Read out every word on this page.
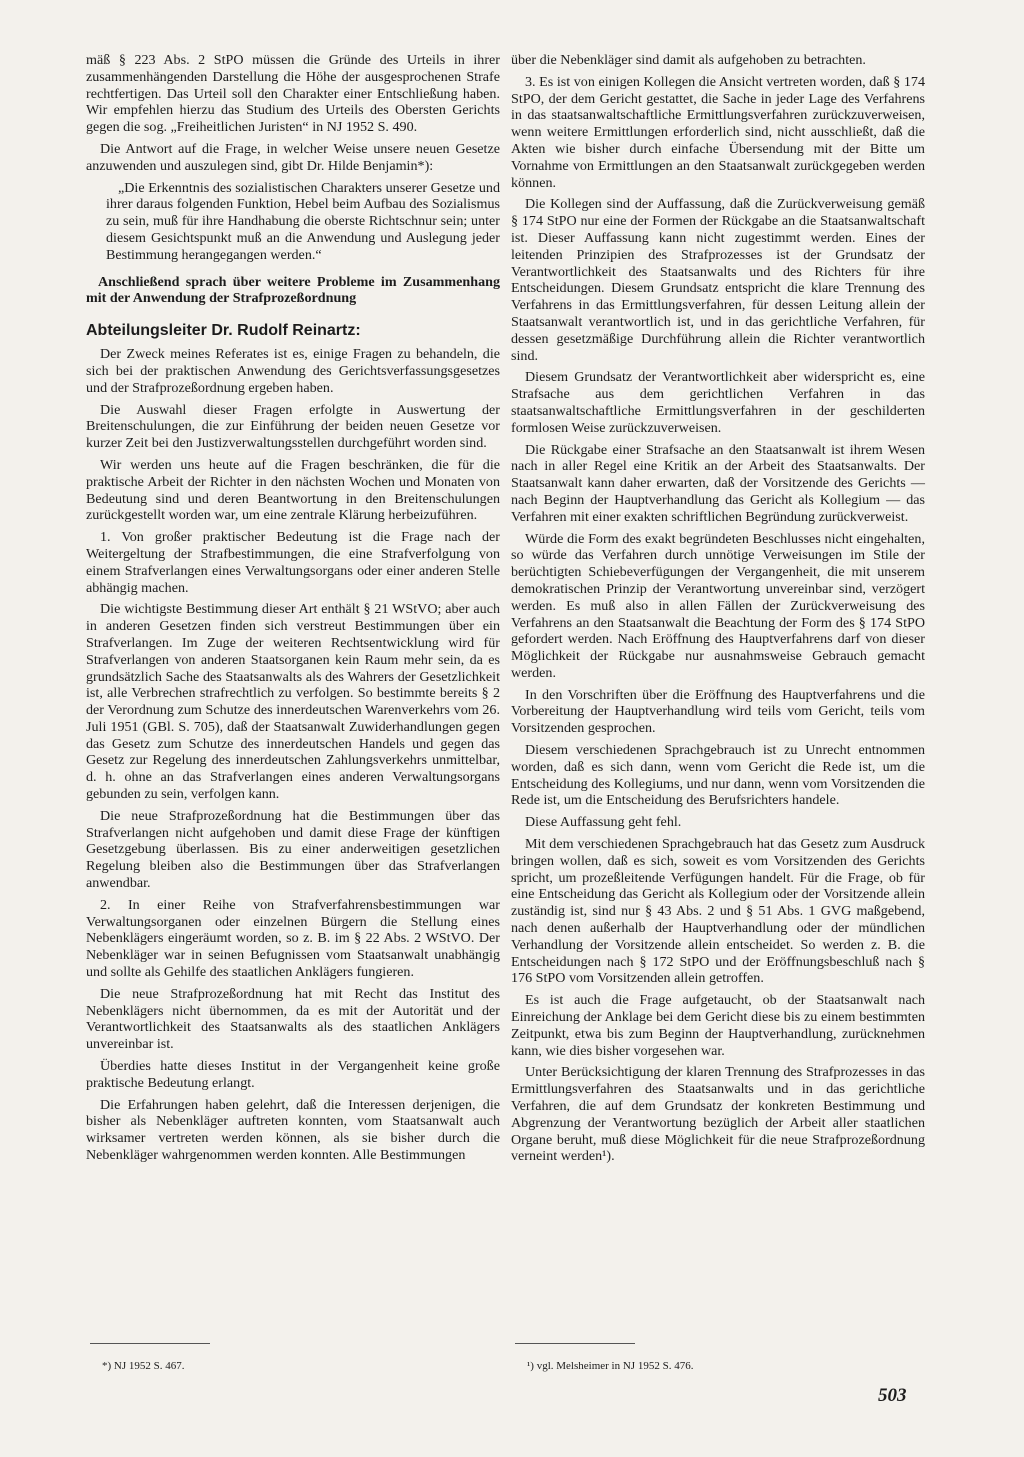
mäß § 223 Abs. 2 StPO müssen die Gründe des Urteils in ihrer zusammenhängenden Darstellung die Höhe der ausgesprochenen Strafe rechtfertigen. Das Urteil soll den Charakter einer Entschließung haben. Wir empfehlen hierzu das Studium des Urteils des Obersten Gerichts gegen die sog. „Freiheitlichen Juristen“ in NJ 1952 S. 490.

Die Antwort auf die Frage, in welcher Weise unsere neuen Gesetze anzuwenden und auszulegen sind, gibt Dr. Hilde Benjamin*):

„Die Erkenntnis des sozialistischen Charakters unserer Gesetze und ihrer daraus folgenden Funktion, Hebel beim Aufbau des Sozialismus zu sein, muß für ihre Handhabung die oberste Richtschnur sein; unter diesem Gesichtspunkt muß an die Anwendung und Auslegung jeder Bestimmung herangegangen werden.“

Anschließend sprach über weitere Probleme im Zusammenhang mit der Anwendung der Strafprozeßordnung

Abteilungsleiter Dr. Rudolf Reinartz:

Der Zweck meines Referates ist es, einige Fragen zu behandeln, die sich bei der praktischen Anwendung des Gerichtsverfassungsgesetzes und der Strafprozeßordnung ergeben haben.

Die Auswahl dieser Fragen erfolgte in Auswertung der Breitenschulungen, die zur Einführung der beiden neuen Gesetze vor kurzer Zeit bei den Justizverwaltungsstellen durchgeführt worden sind.

Wir werden uns heute auf die Fragen beschränken, die für die praktische Arbeit der Richter in den nächsten Wochen und Monaten von Bedeutung sind und deren Beantwortung in den Breitenschulungen zurückgestellt worden war, um eine zentrale Klärung herbeizuführen.

1. Von großer praktischer Bedeutung ist die Frage nach der Weitergeltung der Strafbestimmungen, die eine Strafverfolgung von einem Strafverlangen eines Verwaltungsorgans oder einer anderen Stelle abhängig machen.

Die wichtigste Bestimmung dieser Art enthält § 21 WStVO; aber auch in anderen Gesetzen finden sich verstreut Bestimmungen über ein Strafverlangen. Im Zuge der weiteren Rechtsentwicklung wird für Strafverlangen von anderen Staatsorganen kein Raum mehr sein, da es grundsätzlich Sache des Staatsanwalts als des Wahrers der Gesetzlichkeit ist, alle Verbrechen strafrechtlich zu verfolgen. So bestimmte bereits § 2 der Verordnung zum Schutze des innerdeutschen Warenverkehrs vom 26. Juli 1951 (GBl. S. 705), daß der Staatsanwalt Zuwiderhandlungen gegen das Gesetz zum Schutze des innerdeutschen Handels und gegen das Gesetz zur Regelung des innerdeutschen Zahlungsverkehrs unmittelbar, d. h. ohne an das Strafverlangen eines anderen Verwaltungsorgans gebunden zu sein, verfolgen kann.

Die neue Strafprozeßordnung hat die Bestimmungen über das Strafverlangen nicht aufgehoben und damit diese Frage der künftigen Gesetzgebung überlassen. Bis zu einer anderweitigen gesetzlichen Regelung bleiben also die Bestimmungen über das Strafverlangen anwendbar.

2. In einer Reihe von Strafverfahrensbestimmungen war Verwaltungsorganen oder einzelnen Bürgern die Stellung eines Nebenklägers eingeräumt worden, so z. B. im § 22 Abs. 2 WStVO. Der Nebenkläger war in seinen Befugnissen vom Staatsanwalt unabhängig und sollte als Gehilfe des staatlichen Anklägers fungieren.

Die neue Strafprozeßordnung hat mit Recht das Institut des Nebenklägers nicht übernommen, da es mit der Autorität und der Verantwortlichkeit des Staatsanwalts als des staatlichen Anklägers unvereinbar ist.

Überdies hatte dieses Institut in der Vergangenheit keine große praktische Bedeutung erlangt.

Die Erfahrungen haben gelehrt, daß die Interessen derjenigen, die bisher als Nebenkläger auftreten konnten, vom Staatsanwalt auch wirksamer vertreten werden können, als sie bisher durch die Nebenkläger wahrgenommen werden konnten. Alle Bestimmungen

über die Nebenkläger sind damit als aufgehoben zu betrachten.

3. Es ist von einigen Kollegen die Ansicht vertreten worden, daß § 174 StPO, der dem Gericht gestattet, die Sache in jeder Lage des Verfahrens in das staatsanwaltschaftliche Ermittlungsverfahren zurückzuverweisen, wenn weitere Ermittlungen erforderlich sind, nicht ausschließt, daß die Akten wie bisher durch einfache Übersendung mit der Bitte um Vornahme von Ermittlungen an den Staatsanwalt zurückgegeben werden können.

Die Kollegen sind der Auffassung, daß die Zurückverweisung gemäß § 174 StPO nur eine der Formen der Rückgabe an die Staatsanwaltschaft ist. Dieser Auffassung kann nicht zugestimmt werden. Eines der leitenden Prinzipien des Strafprozesses ist der Grundsatz der Verantwortlichkeit des Staatsanwalts und des Richters für ihre Entscheidungen. Diesem Grundsatz entspricht die klare Trennung des Verfahrens in das Ermittlungsverfahren, für dessen Leitung allein der Staatsanwalt verantwortlich ist, und in das gerichtliche Verfahren, für dessen gesetzmäßige Durchführung allein die Richter verantwortlich sind.

Diesem Grundsatz der Verantwortlichkeit aber widerspricht es, eine Strafsache aus dem gerichtlichen Verfahren in das staatsanwaltschaftliche Ermittlungsverfahren in der geschilderten formlosen Weise zurückzuverweisen.

Die Rückgabe einer Strafsache an den Staatsanwalt ist ihrem Wesen nach in aller Regel eine Kritik an der Arbeit des Staatsanwalts. Der Staatsanwalt kann daher erwarten, daß der Vorsitzende des Gerichts — nach Beginn der Hauptverhandlung das Gericht als Kollegium — das Verfahren mit einer exakten schriftlichen Begründung zurückverweist.

Würde die Form des exakt begründeten Beschlusses nicht eingehalten, so würde das Verfahren durch unnötige Verweisungen im Stile der berüchtigten Schiebeverfügungen der Vergangenheit, die mit unserem demokratischen Prinzip der Verantwortung unvereinbar sind, verzögert werden. Es muß also in allen Fällen der Zurückverweisung des Verfahrens an den Staatsanwalt die Beachtung der Form des § 174 StPO gefordert werden. Nach Eröffnung des Hauptverfahrens darf von dieser Möglichkeit der Rückgabe nur ausnahmsweise Gebrauch gemacht werden.

In den Vorschriften über die Eröffnung des Hauptverfahrens und die Vorbereitung der Hauptverhandlung wird teils vom Gericht, teils vom Vorsitzenden gesprochen.

Diesem verschiedenen Sprachgebrauch ist zu Unrecht entnommen worden, daß es sich dann, wenn vom Gericht die Rede ist, um die Entscheidung des Kollegiums, und nur dann, wenn vom Vorsitzenden die Rede ist, um die Entscheidung des Berufsrichters handele.

Diese Auffassung geht fehl.

Mit dem verschiedenen Sprachgebrauch hat das Gesetz zum Ausdruck bringen wollen, daß es sich, soweit es vom Vorsitzenden des Gerichts spricht, um prozeßleitende Verfügungen handelt. Für die Frage, ob für eine Entscheidung das Gericht als Kollegium oder der Vorsitzende allein zuständig ist, sind nur § 43 Abs. 2 und § 51 Abs. 1 GVG maßgebend, nach denen außerhalb der Hauptverhandlung oder der mündlichen Verhandlung der Vorsitzende allein entscheidet. So werden z. B. die Entscheidungen nach § 172 StPO und der Eröffnungsbeschluß nach § 176 StPO vom Vorsitzenden allein getroffen.

Es ist auch die Frage aufgetaucht, ob der Staatsanwalt nach Einreichung der Anklage bei dem Gericht diese bis zu einem bestimmten Zeitpunkt, etwa bis zum Beginn der Hauptverhandlung, zurücknehmen kann, wie dies bisher vorgesehen war.

Unter Berücksichtigung der klaren Trennung des Strafprozesses in das Ermittlungsverfahren des Staatsanwalts und in das gerichtliche Verfahren, die auf dem Grundsatz der konkreten Bestimmung und Abgrenzung der Verantwortung bezüglich der Arbeit aller staatlichen Organe beruht, muß diese Möglichkeit für die neue Strafprozeßordnung verneint werden¹).

*) NJ 1952 S. 467.	¹) vgl. Melsheimer in NJ 1952 S. 476.
503
